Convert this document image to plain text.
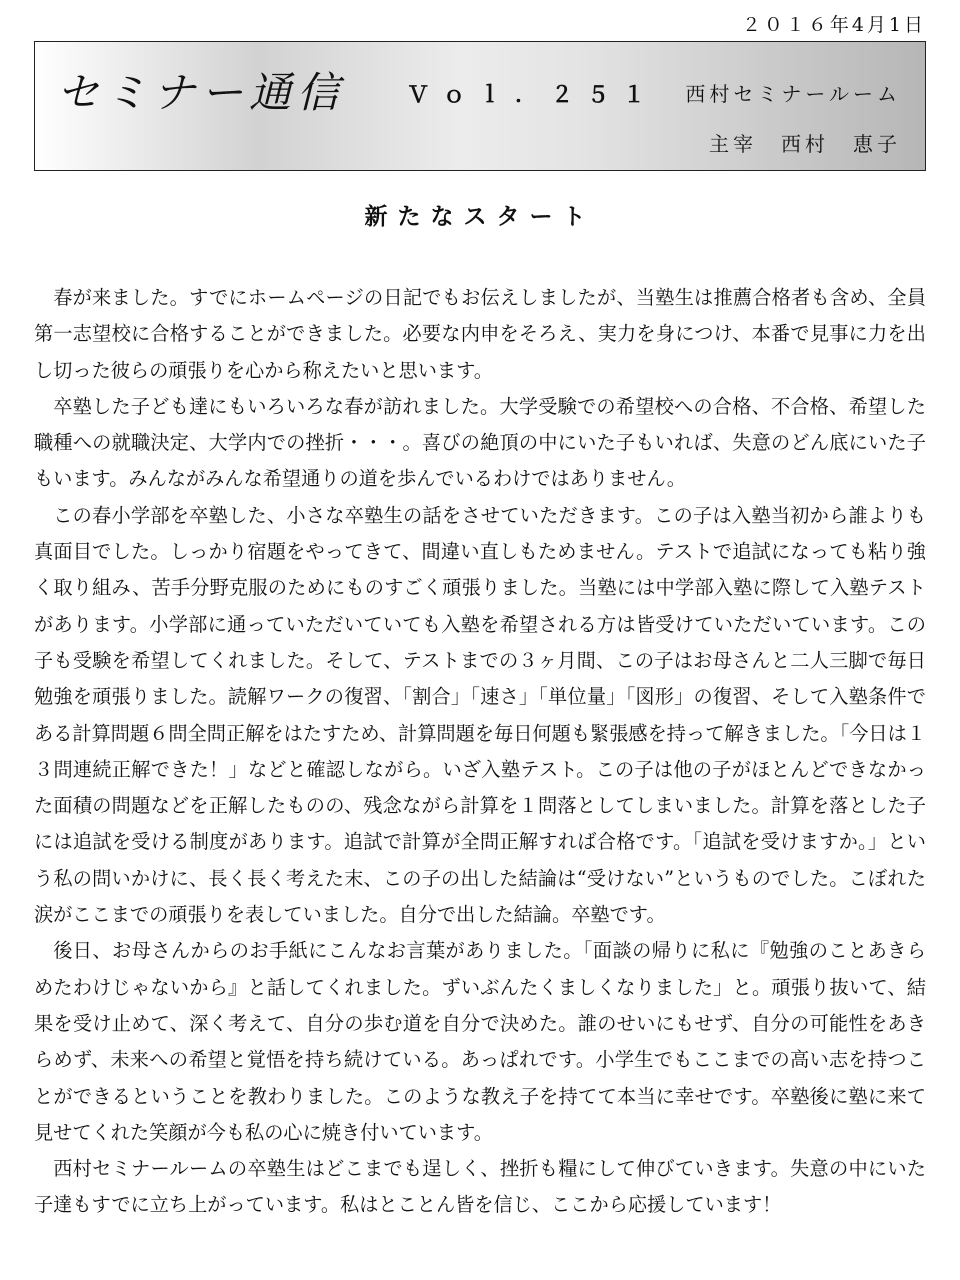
２０１６年4月1日
セミナー通信	Ｖｏｌ．２５１ 西村セミナールーム
主宰　西村　恵子
新たなスタート

春が来ました。すでにホームページの日記でもお伝えしましたが、当塾生は推薦合格者も含め、全員第一志望校に合格することができました。必要な内申をそろえ、実力を身につけ、本番で見事に力を出し切った彼らの頑張りを心から称えたいと思います。

卒塾した子ども達にもいろいろな春が訪れました。大学受験での希望校への合格、不合格、希望した職種への就職決定、大学内での挫折・・・。喜びの絶頂の中にいた子もいれば、失意のどん底にいた子もいます。みんながみんな希望通りの道を歩んでいるわけではありません。

この春小学部を卒塾した、小さな卒塾生の話をさせていただきます。この子は入塾当初から誰よりも真面目でした。しっかり宿題をやってきて、間違い直しもためません。テストで追試になっても粘り強く取り組み、苦手分野克服のためにものすごく頑張りました。当塾には中学部入塾に際して入塾テストがあります。小学部に通っていただいていても入塾を希望される方は皆受けていただいています。この子も受験を希望してくれました。そして、テストまでの３ヶ月間、この子はお母さんと二人三脚で毎日勉強を頑張りました。読解ワークの復習、「割合」「速さ」「単位量」「図形」の復習、そして入塾条件である計算問題６問全問正解をはたすため、計算問題を毎日何題も緊張感を持って解きました。「今日は１３問連続正解できた！」などと確認しながら。いざ入塾テスト。この子は他の子がほとんどできなかった面積の問題などを正解したものの、残念ながら計算を１問落としてしまいました。計算を落とした子には追試を受ける制度があります。追試で計算が全問正解すれば合格です。「追試を受けますか。」という私の問いかけに、長く長く考えた末、この子の出した結論は“受けない”というものでした。こぼれた涙がここまでの頑張りを表していました。自分で出した結論。卒塾です。

後日、お母さんからのお手紙にこんなお言葉がありました。「面談の帰りに私に『勉強のことあきらめたわけじゃないから』と話してくれました。ずいぶんたくましくなりました」と。頑張り抜いて、結果を受け止めて、深く考えて、自分の歩む道を自分で決めた。誰のせいにもせず、自分の可能性をあきらめず、未来への希望と覚悟を持ち続けている。あっぱれです。小学生でもここまでの高い志を持つことができるということを教わりました。このような教え子を持てて本当に幸せです。卒塾後に塾に来て見せてくれた笑顔が今も私の心に焼き付いています。

西村セミナールームの卒塾生はどこまでも逞しく、挫折も糧にして伸びていきます。失意の中にいた子達もすでに立ち上がっています。私はとことん皆を信じ、ここから応援しています！
